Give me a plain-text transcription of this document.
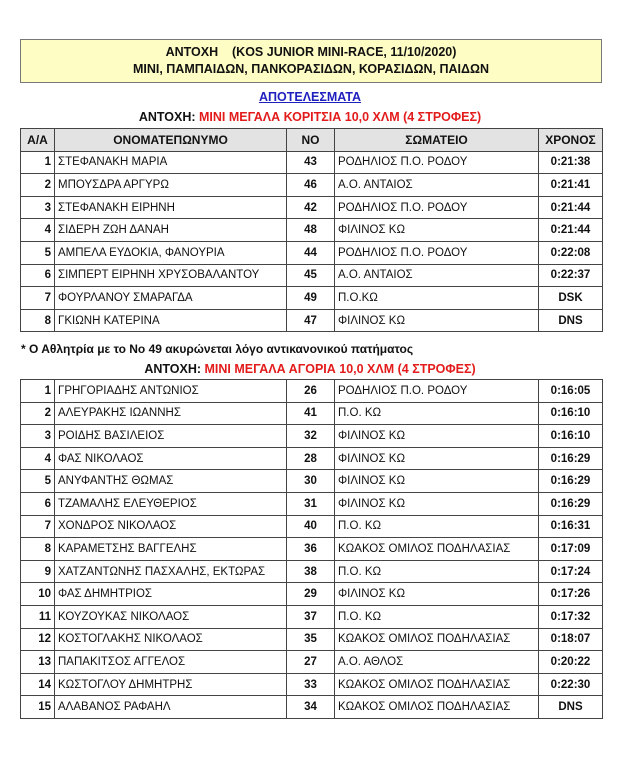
ΑΝΤΟΧΗ    (KOS JUNIOR MINI-RACE, 11/10/2020)
ΜΙΝΙ, ΠΑΜΠΑΙΔΩΝ, ΠΑΝΚΟΡΑΣΙΔΩΝ, ΚΟΡΑΣΙΔΩΝ, ΠΑΙΔΩΝ
ΑΠΟΤΕΛΕΣΜΑΤΑ
ΑΝΤΟΧΗ: ΜΙΝΙ ΜΕΓΑΛΑ ΚΟΡΙΤΣΙΑ 10,0 ΧΛΜ (4 ΣΤΡΟΦΕΣ)
Α/Α	ΟΝΟΜΑΤΕΠΩΝΥΜΟ	ΝΟ	ΣΩΜΑΤΕΙΟ	ΧΡΟΝΟΣ
1	ΣΤΕΦΑΝΑΚΗ ΜΑΡΙΑ	43	ΡΟΔΗΛΙΟΣ Π.Ο. ΡΟΔΟΥ	0:21:38
2	ΜΠΟΥΣΔΡΑ ΑΡΓΥΡΩ	46	Α.Ο. ΑΝΤΑΙΟΣ	0:21:41
3	ΣΤΕΦΑΝΑΚΗ ΕΙΡΗΝΗ	42	ΡΟΔΗΛΙΟΣ Π.Ο. ΡΟΔΟΥ	0:21:44
4	ΣΙΔΕΡΗ ΖΩΗ ΔΑΝΑΗ	48	ΦΙΛΙΝΟΣ ΚΩ	0:21:44
5	ΑΜΠΕΛΑ ΕΥΔΟΚΙΑ, ΦΑΝΟΥΡΙΑ	44	ΡΟΔΗΛΙΟΣ Π.Ο. ΡΟΔΟΥ	0:22:08
6	ΣΙΜΠΕΡΤ ΕΙΡΗΝΗ ΧΡΥΣΟΒΑΛΑΝΤΟΥ	45	Α.Ο. ΑΝΤΑΙΟΣ	0:22:37
7	ΦΟΥΡΛΑΝΟΥ ΣΜΑΡΑΓΔΑ	49	Π.Ο.ΚΩ	DSK
8	ΓΚΙΩΝΗ ΚΑΤΕΡΙΝΑ	47	ΦΙΛΙΝΟΣ ΚΩ	DNS
* Ο Αθλητρία με το Νο 49 ακυρώνεται λόγο αντικανονικού πατήματος
ΑΝΤΟΧΗ: ΜΙΝΙ ΜΕΓΑΛΑ ΑΓΟΡΙΑ 10,0 ΧΛΜ (4 ΣΤΡΟΦΕΣ)
1	ΓΡΗΓΟΡΙΑΔΗΣ ΑΝΤΩΝΙΟΣ	26	ΡΟΔΗΛΙΟΣ Π.Ο. ΡΟΔΟΥ	0:16:05
2	ΑΛΕΥΡΑΚΗΣ ΙΩΑΝΝΗΣ	41	Π.Ο. ΚΩ	0:16:10
3	ΡΟΙΔΗΣ ΒΑΣΙΛΕΙΟΣ	32	ΦΙΛΙΝΟΣ ΚΩ	0:16:10
4	ΦΑΣ ΝΙΚΟΛΑΟΣ	28	ΦΙΛΙΝΟΣ ΚΩ	0:16:29
5	ΑΝΥΦΑΝΤΗΣ ΘΩΜΑΣ	30	ΦΙΛΙΝΟΣ ΚΩ	0:16:29
6	ΤΖΑΜΑΛΗΣ ΕΛΕΥΘΕΡΙΟΣ	31	ΦΙΛΙΝΟΣ ΚΩ	0:16:29
7	ΧΟΝΔΡΟΣ ΝΙΚΟΛΑΟΣ	40	Π.Ο. ΚΩ	0:16:31
8	ΚΑΡΑΜΕΤΣΗΣ ΒΑΓΓΕΛΗΣ	36	ΚΩΑΚΟΣ ΟΜΙΛΟΣ ΠΟΔΗΛΑΣΙΑΣ	0:17:09
9	ΧΑΤΖΑΝΤΩΝΗΣ ΠΑΣΧΑΛΗΣ, ΕΚΤΩΡΑΣ	38	Π.Ο. ΚΩ	0:17:24
10	ΦΑΣ ΔΗΜΗΤΡΙΟΣ	29	ΦΙΛΙΝΟΣ ΚΩ	0:17:26
11	ΚΟΥΖΟΥΚΑΣ ΝΙΚΟΛΑΟΣ	37	Π.Ο. ΚΩ	0:17:32
12	ΚΟΣΤΟΓΛΑΚΗΣ ΝΙΚΟΛΑΟΣ	35	ΚΩΑΚΟΣ ΟΜΙΛΟΣ ΠΟΔΗΛΑΣΙΑΣ	0:18:07
13	ΠΑΠΑΚΙΤΣΟΣ ΑΓΓΕΛΟΣ	27	Α.Ο. ΑΘΛΟΣ	0:20:22
14	ΚΩΣΤΟΓΛΟΥ ΔΗΜΗΤΡΗΣ	33	ΚΩΑΚΟΣ ΟΜΙΛΟΣ ΠΟΔΗΛΑΣΙΑΣ	0:22:30
15	ΑΛΑΒΑΝΟΣ ΡΑΦΑΗΛ	34	ΚΩΑΚΟΣ ΟΜΙΛΟΣ ΠΟΔΗΛΑΣΙΑΣ	DNS
